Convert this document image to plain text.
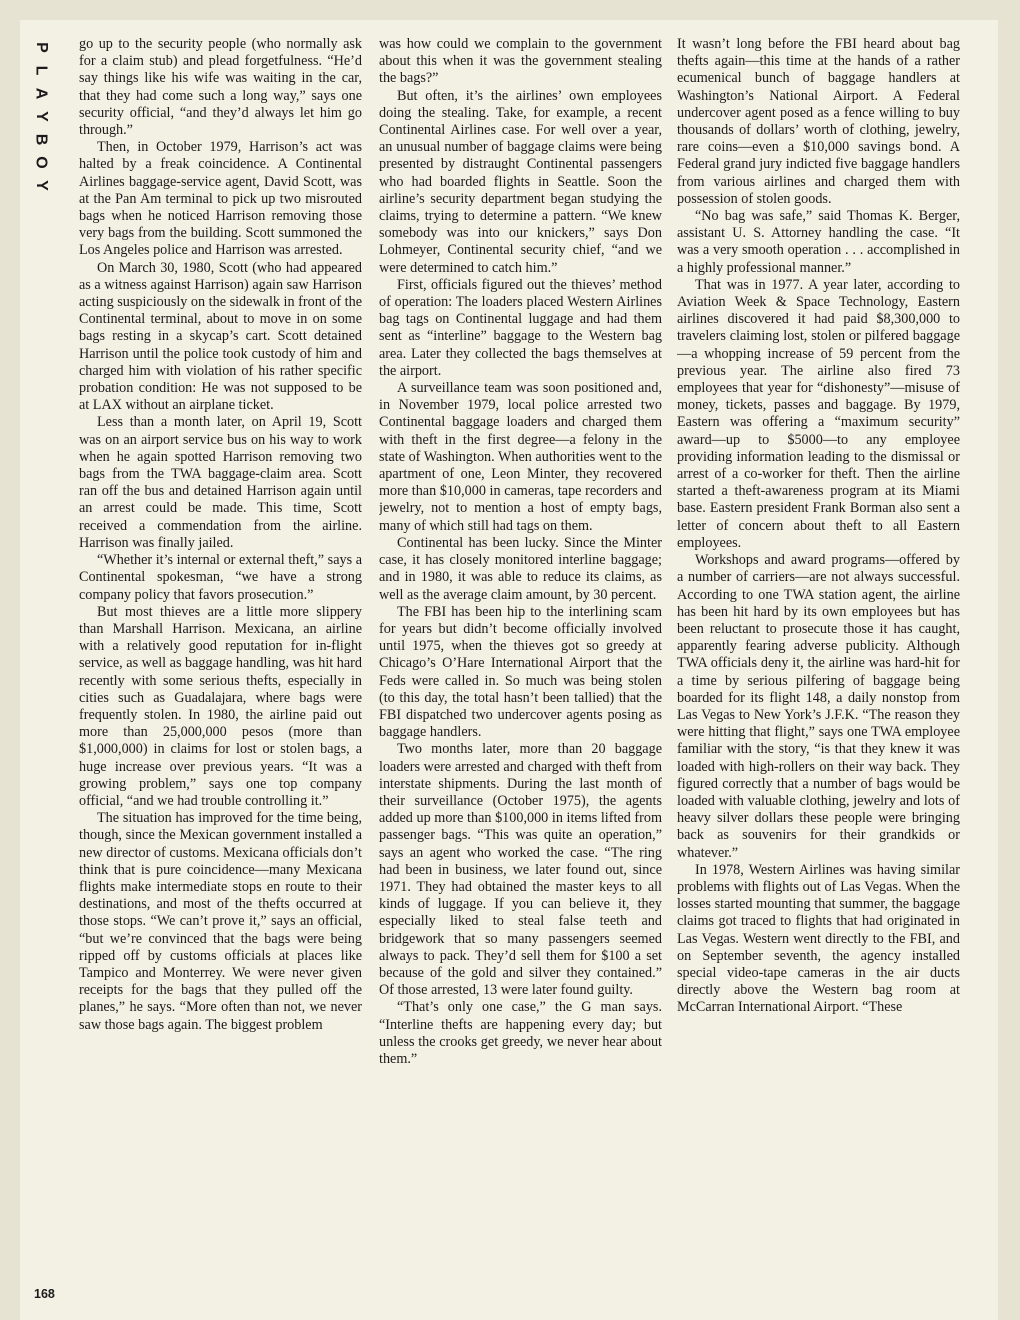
P
L
A
Y
B
O
Y
168

go up to the security people (who normally ask for a claim stub) and plead forgetfulness. “He’d say things like his wife was waiting in the car, that they had come such a long way,” says one security official, “and they’d always let him go through.”

Then, in October 1979, Harrison’s act was halted by a freak coincidence. A Continental Airlines baggage-service agent, David Scott, was at the Pan Am terminal to pick up two misrouted bags when he noticed Harrison removing those very bags from the building. Scott summoned the Los Angeles police and Harrison was arrested.

On March 30, 1980, Scott (who had appeared as a witness against Harrison) again saw Harrison acting suspiciously on the sidewalk in front of the Continental terminal, about to move in on some bags resting in a skycap’s cart. Scott detained Harrison until the police took custody of him and charged him with violation of his rather specific probation condition: He was not supposed to be at LAX without an airplane ticket.

Less than a month later, on April 19, Scott was on an airport service bus on his way to work when he again spotted Harrison removing two bags from the TWA baggage-claim area. Scott ran off the bus and detained Harrison again until an arrest could be made. This time, Scott received a commendation from the airline. Harrison was finally jailed.

“Whether it’s internal or external theft,” says a Continental spokesman, “we have a strong company policy that favors prosecution.”

But most thieves are a little more slippery than Marshall Harrison. Mexicana, an airline with a relatively good reputation for in-flight service, as well as baggage handling, was hit hard recently with some serious thefts, especially in cities such as Guadalajara, where bags were frequently stolen. In 1980, the airline paid out more than 25,000,000 pesos (more than $1,000,000) in claims for lost or stolen bags, a huge increase over previous years. “It was a growing problem,” says one top company official, “and we had trouble controlling it.”

The situation has improved for the time being, though, since the Mexican government installed a new director of customs. Mexicana officials don’t think that is pure coincidence—many Mexicana flights make intermediate stops en route to their destinations, and most of the thefts occurred at those stops. “We can’t prove it,” says an official, “but we’re convinced that the bags were being ripped off by customs officials at places like Tampico and Monterrey. We were never given receipts for the bags that they pulled off the planes,” he says. “More often than not, we never saw those bags again. The biggest problem

was how could we complain to the government about this when it was the government stealing the bags?”

But often, it’s the airlines’ own employees doing the stealing. Take, for example, a recent Continental Airlines case. For well over a year, an unusual number of baggage claims were being presented by distraught Continental passengers who had boarded flights in Seattle. Soon the airline’s security department began studying the claims, trying to determine a pattern. “We knew somebody was into our knickers,” says Don Lohmeyer, Continental security chief, “and we were determined to catch him.”

First, officials figured out the thieves’ method of operation: The loaders placed Western Airlines bag tags on Continental luggage and had them sent as “interline” baggage to the Western bag area. Later they collected the bags themselves at the airport.

A surveillance team was soon positioned and, in November 1979, local police arrested two Continental baggage loaders and charged them with theft in the first degree—a felony in the state of Washington. When authorities went to the apartment of one, Leon Minter, they recovered more than $10,000 in cameras, tape recorders and jewelry, not to mention a host of empty bags, many of which still had tags on them.

Continental has been lucky. Since the Minter case, it has closely monitored interline baggage; and in 1980, it was able to reduce its claims, as well as the average claim amount, by 30 percent.

The FBI has been hip to the interlining scam for years but didn’t become officially involved until 1975, when the thieves got so greedy at Chicago’s O’Hare International Airport that the Feds were called in. So much was being stolen (to this day, the total hasn’t been tallied) that the FBI dispatched two undercover agents posing as baggage handlers.

Two months later, more than 20 baggage loaders were arrested and charged with theft from interstate shipments. During the last month of their surveillance (October 1975), the agents added up more than $100,000 in items lifted from passenger bags. “This was quite an operation,” says an agent who worked the case. “The ring had been in business, we later found out, since 1971. They had obtained the master keys to all kinds of luggage. If you can believe it, they especially liked to steal false teeth and bridgework that so many passengers seemed always to pack. They’d sell them for $100 a set because of the gold and silver they contained.” Of those arrested, 13 were later found guilty.

“That’s only one case,” the G man says. “Interline thefts are happening every day; but unless the crooks get greedy, we never hear about them.”

It wasn’t long before the FBI heard about bag thefts again—this time at the hands of a rather ecumenical bunch of baggage handlers at Washington’s National Airport. A Federal undercover agent posed as a fence willing to buy thousands of dollars’ worth of clothing, jewelry, rare coins—even a $10,000 savings bond. A Federal grand jury indicted five baggage handlers from various airlines and charged them with possession of stolen goods.

“No bag was safe,” said Thomas K. Berger, assistant U. S. Attorney handling the case. “It was a very smooth operation . . . accomplished in a highly professional manner.”

That was in 1977. A year later, according to Aviation Week & Space Technology, Eastern airlines discovered it had paid $8,300,000 to travelers claiming lost, stolen or pilfered baggage—a whopping increase of 59 percent from the previous year. The airline also fired 73 employees that year for “dishonesty”—misuse of money, tickets, passes and baggage. By 1979, Eastern was offering a “maximum security” award—up to $5000—to any employee providing information leading to the dismissal or arrest of a co-worker for theft. Then the airline started a theft-awareness program at its Miami base. Eastern president Frank Borman also sent a letter of concern about theft to all Eastern employees.

Workshops and award programs—offered by a number of carriers—are not always successful. According to one TWA station agent, the airline has been hit hard by its own employees but has been reluctant to prosecute those it has caught, apparently fearing adverse publicity. Although TWA officials deny it, the airline was hard-hit for a time by serious pilfering of baggage being boarded for its flight 148, a daily nonstop from Las Vegas to New York’s J.F.K. “The reason they were hitting that flight,” says one TWA employee familiar with the story, “is that they knew it was loaded with high-rollers on their way back. They figured correctly that a number of bags would be loaded with valuable clothing, jewelry and lots of heavy silver dollars these people were bringing back as souvenirs for their grandkids or whatever.”

In 1978, Western Airlines was having similar problems with flights out of Las Vegas. When the losses started mounting that summer, the baggage claims got traced to flights that had originated in Las Vegas. Western went directly to the FBI, and on September seventh, the agency installed special video-tape cameras in the air ducts directly above the Western bag room at McCarran International Airport. “These
